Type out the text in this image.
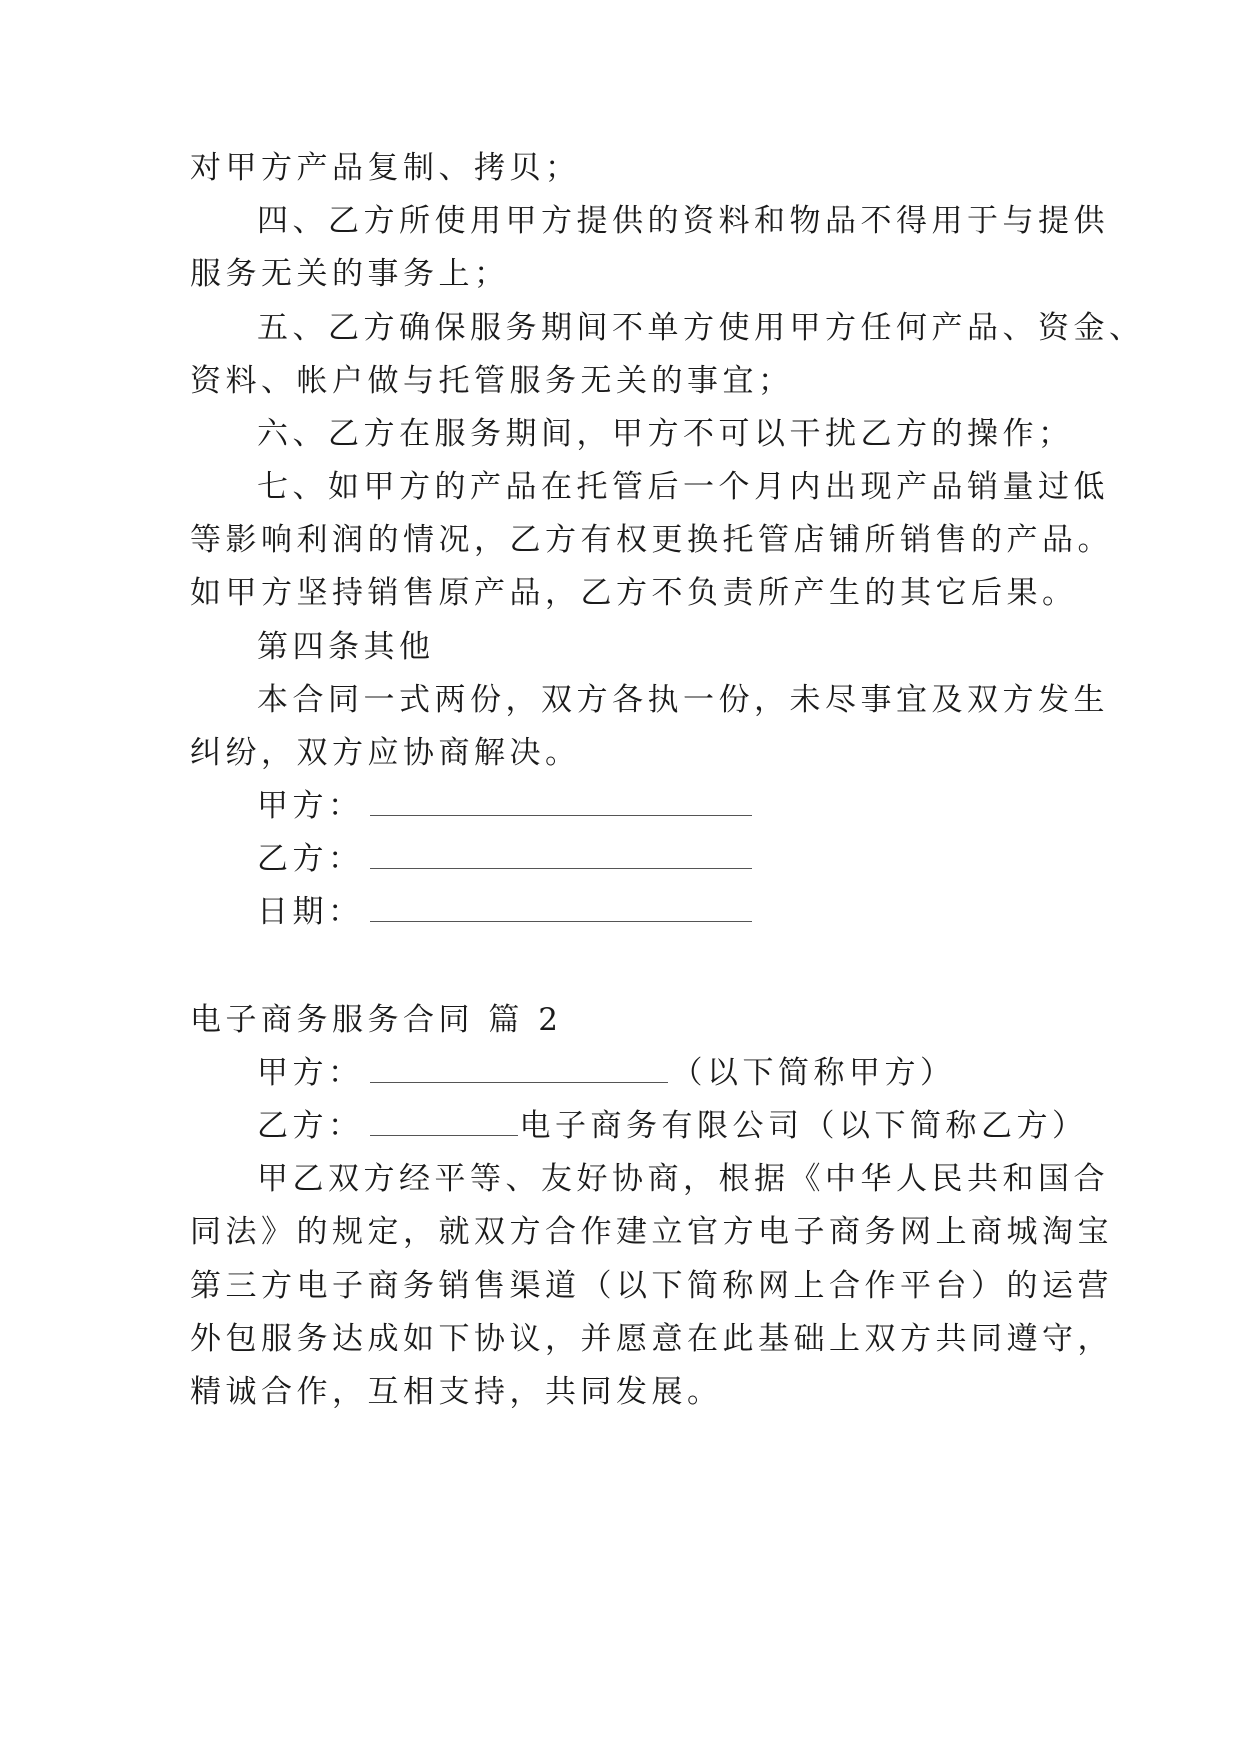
对甲方产品复制、拷贝；
四、乙方所使用甲方提供的资料和物品不得用于与提供
服务无关的事务上；
五、乙方确保服务期间不单方使用甲方任何产品、资金、
资料、帐户做与托管服务无关的事宜；
六、乙方在服务期间，甲方不可以干扰乙方的操作；
七、如甲方的产品在托管后一个月内出现产品销量过低
等影响利润的情况，乙方有权更换托管店铺所销售的产品。
如甲方坚持销售原产品，乙方不负责所产生的其它后果。
第四条其他
本合同一式两份，双方各执一份，未尽事宜及双方发生
纠纷，双方应协商解决。
甲方：
乙方：
日期：
电子商务服务合同 篇 2
甲方：	（以下简称甲方）
乙方：	电子商务有限公司（以下简称乙方）
甲乙双方经平等、友好协商，根据《中华人民共和国合
同法》的规定，就双方合作建立官方电子商务网上商城淘宝
第三方电子商务销售渠道（以下简称网上合作平台）的运营
外包服务达成如下协议，并愿意在此基础上双方共同遵守，
精诚合作，互相支持，共同发展。
